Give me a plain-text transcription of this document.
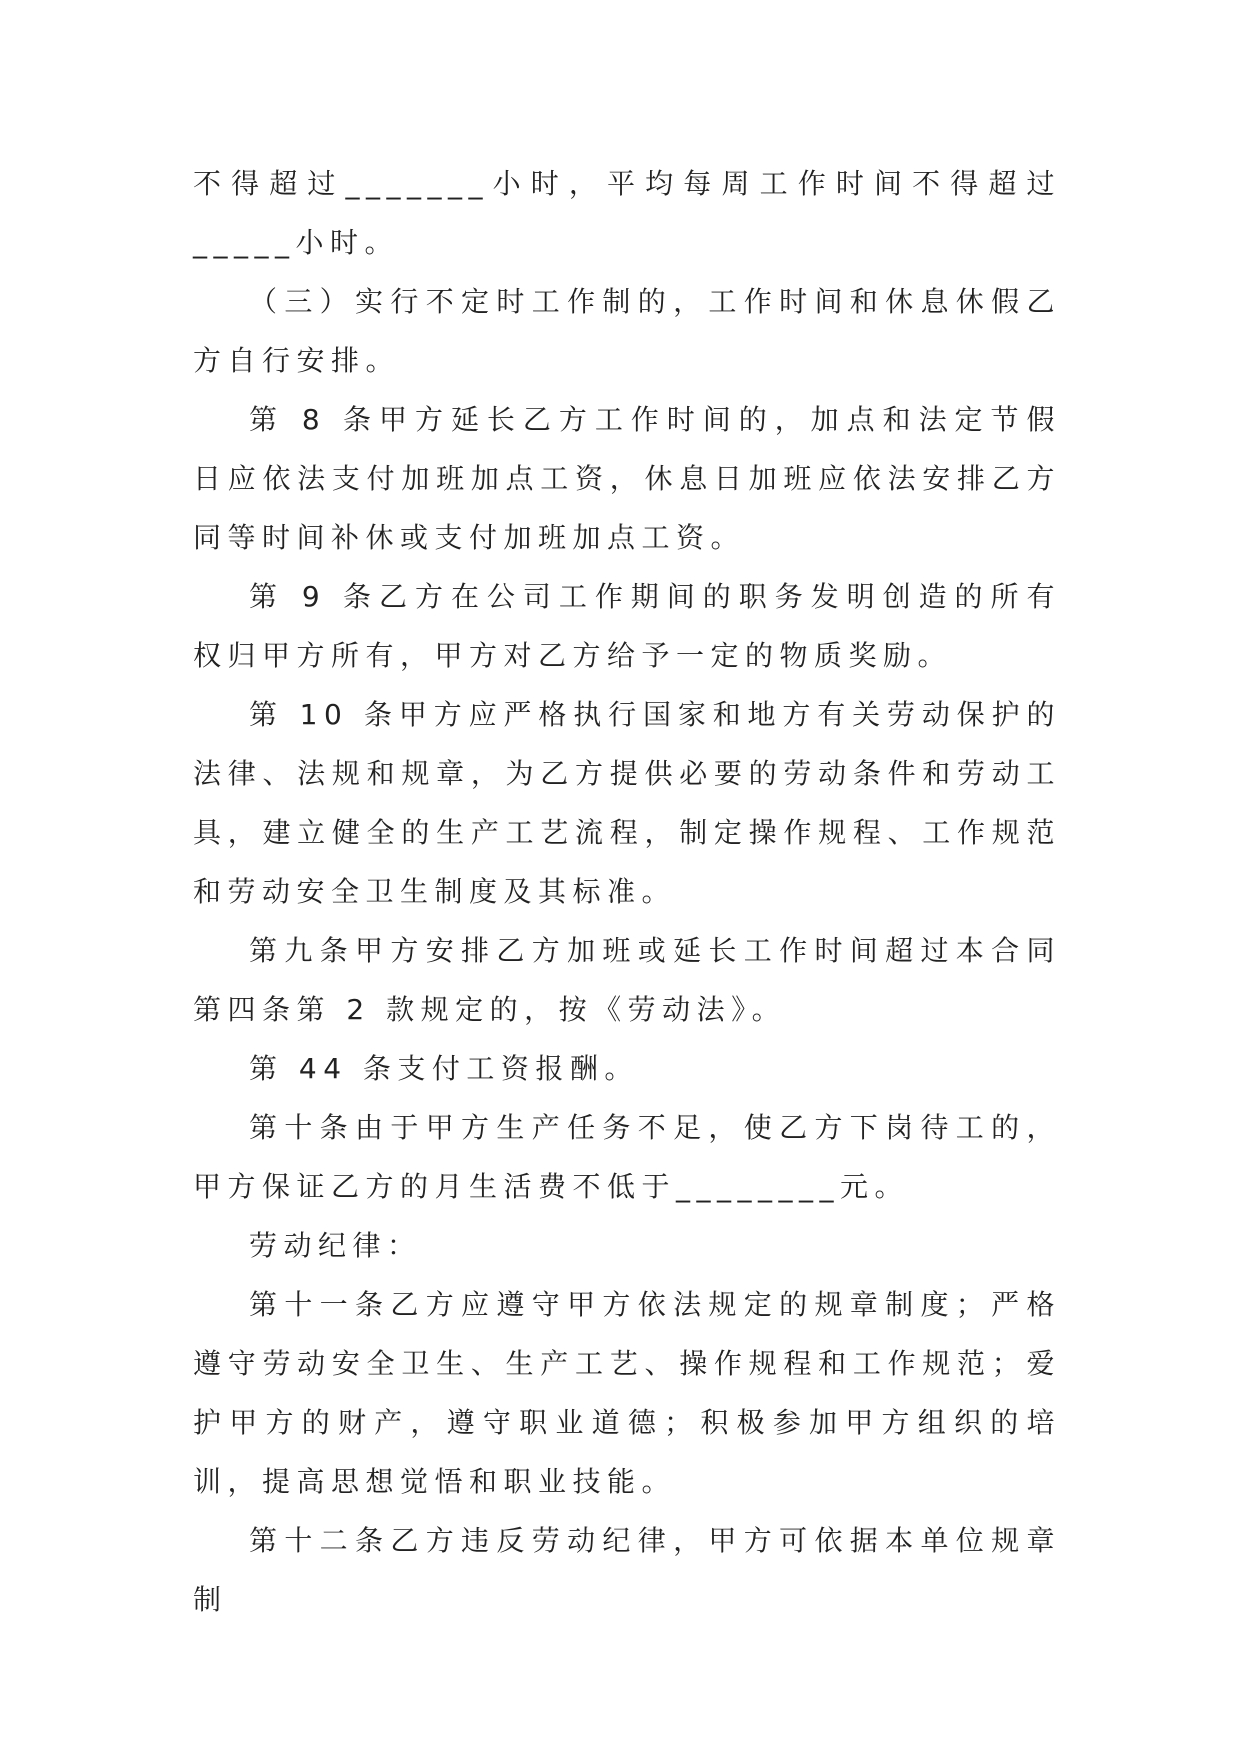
不得超过_______小时，平均每周工作时间不得超过_____小时。

（三）实行不定时工作制的，工作时间和休息休假乙方自行安排。

第 8 条甲方延长乙方工作时间的，加点和法定节假日应依法支付加班加点工资，休息日加班应依法安排乙方同等时间补休或支付加班加点工资。

第 9 条乙方在公司工作期间的职务发明创造的所有权归甲方所有，甲方对乙方给予一定的物质奖励。

第 10 条甲方应严格执行国家和地方有关劳动保护的法律、法规和规章，为乙方提供必要的劳动条件和劳动工具，建立健全的生产工艺流程，制定操作规程、工作规范和劳动安全卫生制度及其标准。

第九条甲方安排乙方加班或延长工作时间超过本合同第四条第 2 款规定的，按《劳动法》。

第 44 条支付工资报酬。

第十条由于甲方生产任务不足，使乙方下岗待工的，甲方保证乙方的月生活费不低于________元。

劳动纪律：

第十一条乙方应遵守甲方依法规定的规章制度；严格遵守劳动安全卫生、生产工艺、操作规程和工作规范；爱护甲方的财产，遵守职业道德；积极参加甲方组织的培训，提高思想觉悟和职业技能。

第十二条乙方违反劳动纪律，甲方可依据本单位规章制
